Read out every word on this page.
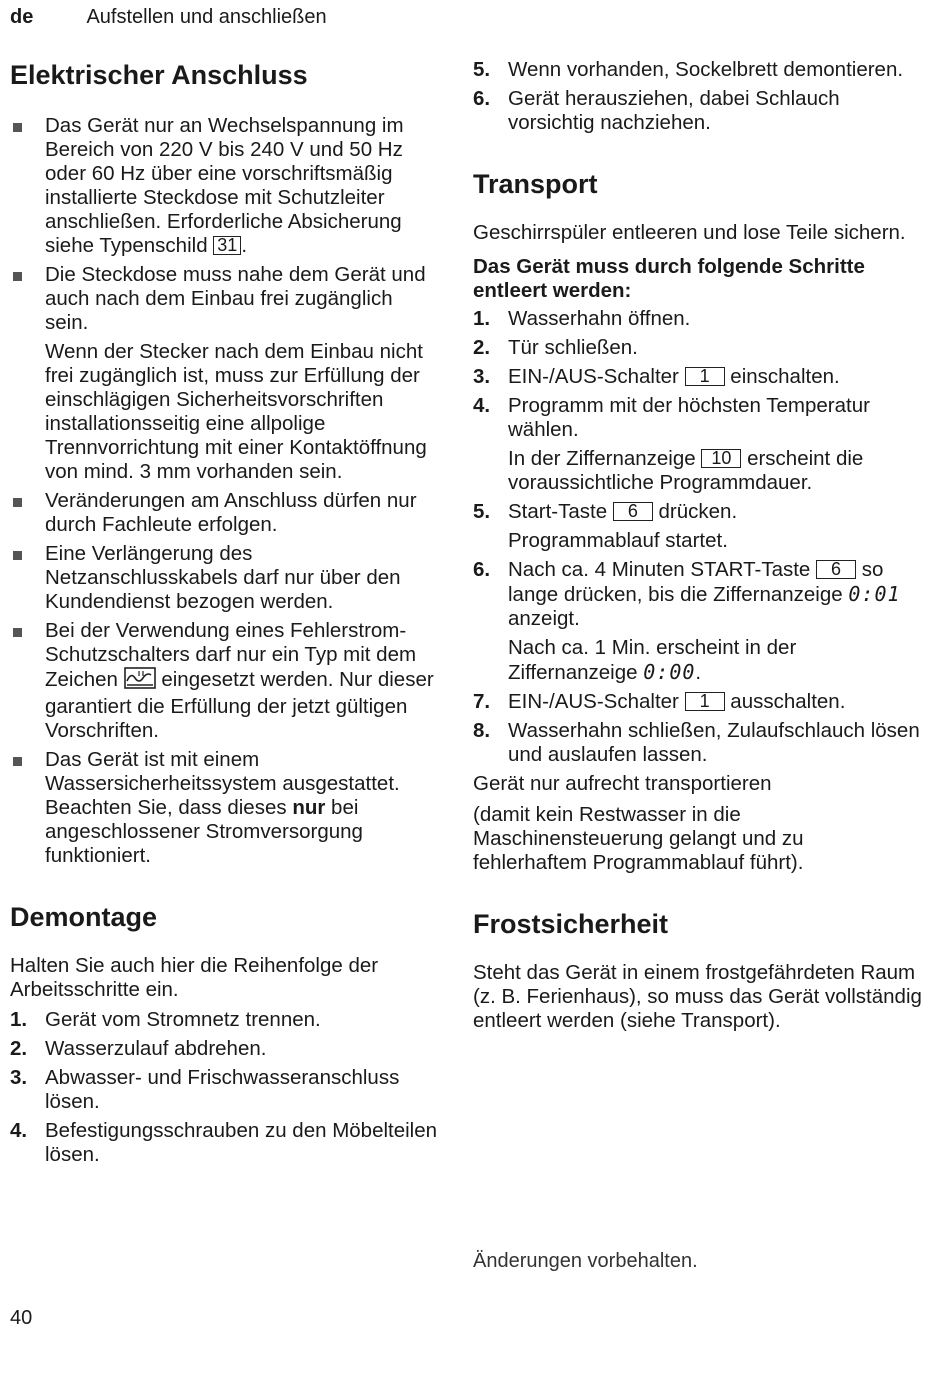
de	Aufstellen und anschließen
Elektrischer Anschluss
Das Gerät nur an Wechselspannung im Bereich von 220 V bis 240 V und 50 Hz oder 60 Hz über eine vorschriftsmäßig installierte Steckdose mit Schutzleiter anschließen. Erforderliche Absicherung siehe Typenschild 31 .
Die Steckdose muss nahe dem Gerät und auch nach dem Einbau frei zugänglich sein.

Wenn der Stecker nach dem Einbau nicht frei zugänglich ist, muss zur Erfüllung der einschlägigen Sicherheitsvorschriften installationsseitig eine allpolige Trennvorrichtung mit einer Kontaktöffnung von mind. 3 mm vorhanden sein.

Veränderungen am Anschluss dürfen nur durch Fachleute erfolgen.
Eine Verlängerung des Netzanschlusskabels darf nur über den Kundendienst bezogen werden.
Bei der Verwendung eines Fehlerstrom-Schutzschalters darf nur ein Typ mit dem Zeichen eingesetzt werden. Nur dieser garantiert die Erfüllung der jetzt gültigen Vorschriften.
Das Gerät ist mit einem Wassersicherheitssystem ausgestattet. Beachten Sie, dass dieses nur bei angeschlossener Stromversorgung funktioniert.
Demontage

Halten Sie auch hier die Reihenfolge der Arbeitsschritte ein.

1. Gerät vom Stromnetz trennen.
2. Wasserzulauf abdrehen.
3. Abwasser- und Frischwasseranschluss lösen.
4. Befestigungsschrauben zu den Möbelteilen lösen.
5. Wenn vorhanden, Sockelbrett demontieren.
6. Gerät herausziehen, dabei Schlauch vorsichtig nachziehen.
Transport

Geschirrspüler entleeren und lose Teile sichern.

Das Gerät muss durch folgende Schritte entleert werden:

1. Wasserhahn öffnen.
2. Tür schließen.
3. EIN-/AUS-Schalter 1 einschalten.
4. Programm mit der höchsten Temperatur wählen.

In der Ziffernanzeige 10 erscheint die voraussichtliche Programmdauer.

5. Start-Taste 6 drücken.

Programmablauf startet.

6. Nach ca. 4 Minuten START-Taste 6 so lange drücken, bis die Ziffernanzeige 0:01 anzeigt.

Nach ca. 1 Min. erscheint in der Ziffernanzeige 0:00.

7. EIN-/AUS-Schalter 1 ausschalten.
8. Wasserhahn schließen, Zulaufschlauch lösen und auslaufen lassen.

Gerät nur aufrecht transportieren

(damit kein Restwasser in die Maschinensteuerung gelangt und zu fehlerhaftem Programmablauf führt).

Frostsicherheit

Steht das Gerät in einem frostgefährdeten Raum (z. B. Ferienhaus), so muss das Gerät vollständig entleert werden (siehe Transport).

Änderungen vorbehalten.
40
